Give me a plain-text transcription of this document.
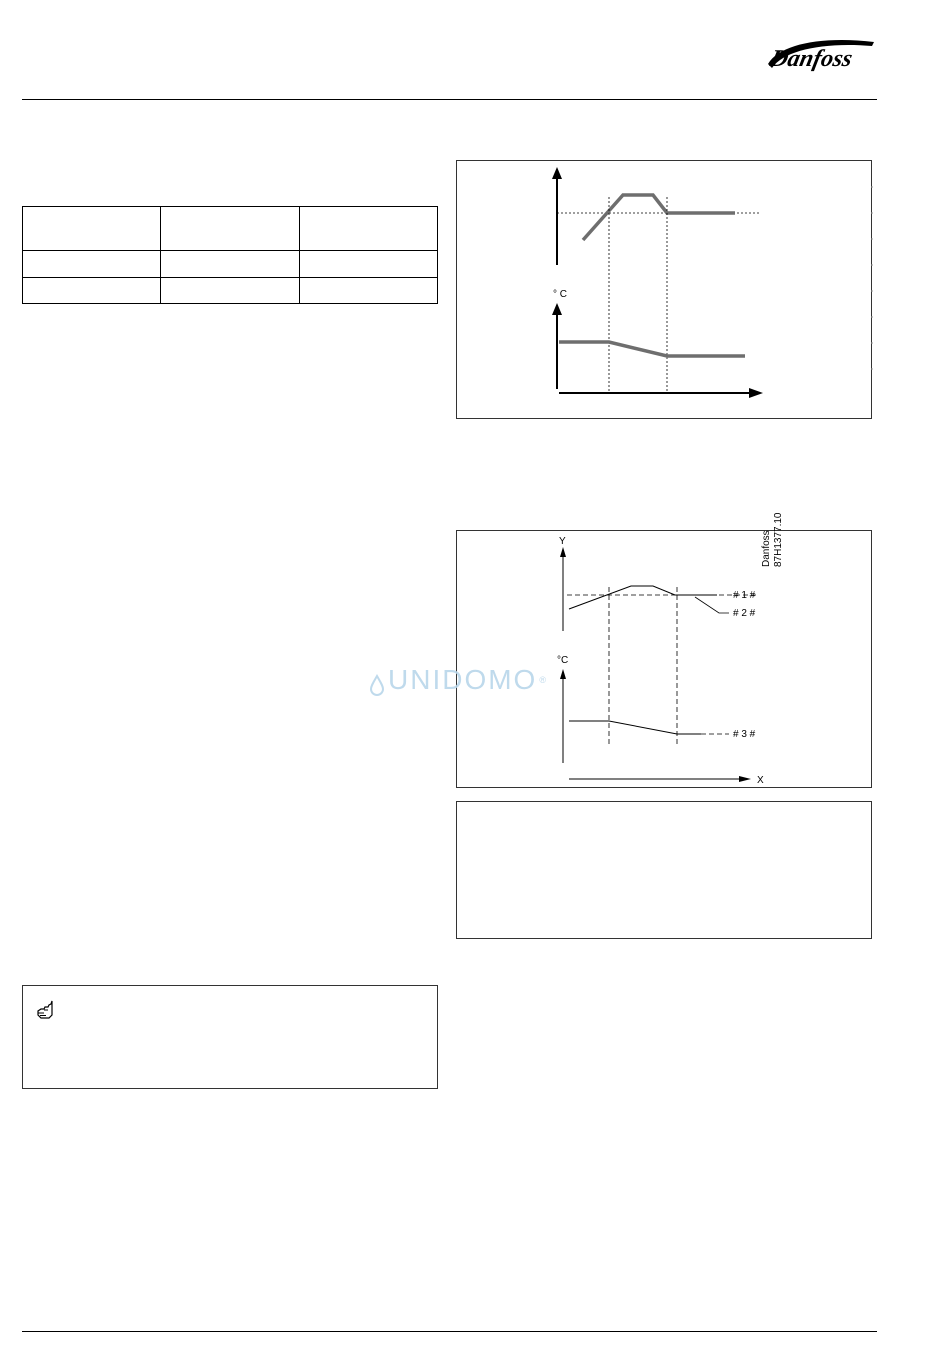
Danfoss

° C
Y
# 1 #
# 2 #
°C
# 3 #
X
Danfoss87H1377.10
UNIDOMO ®
